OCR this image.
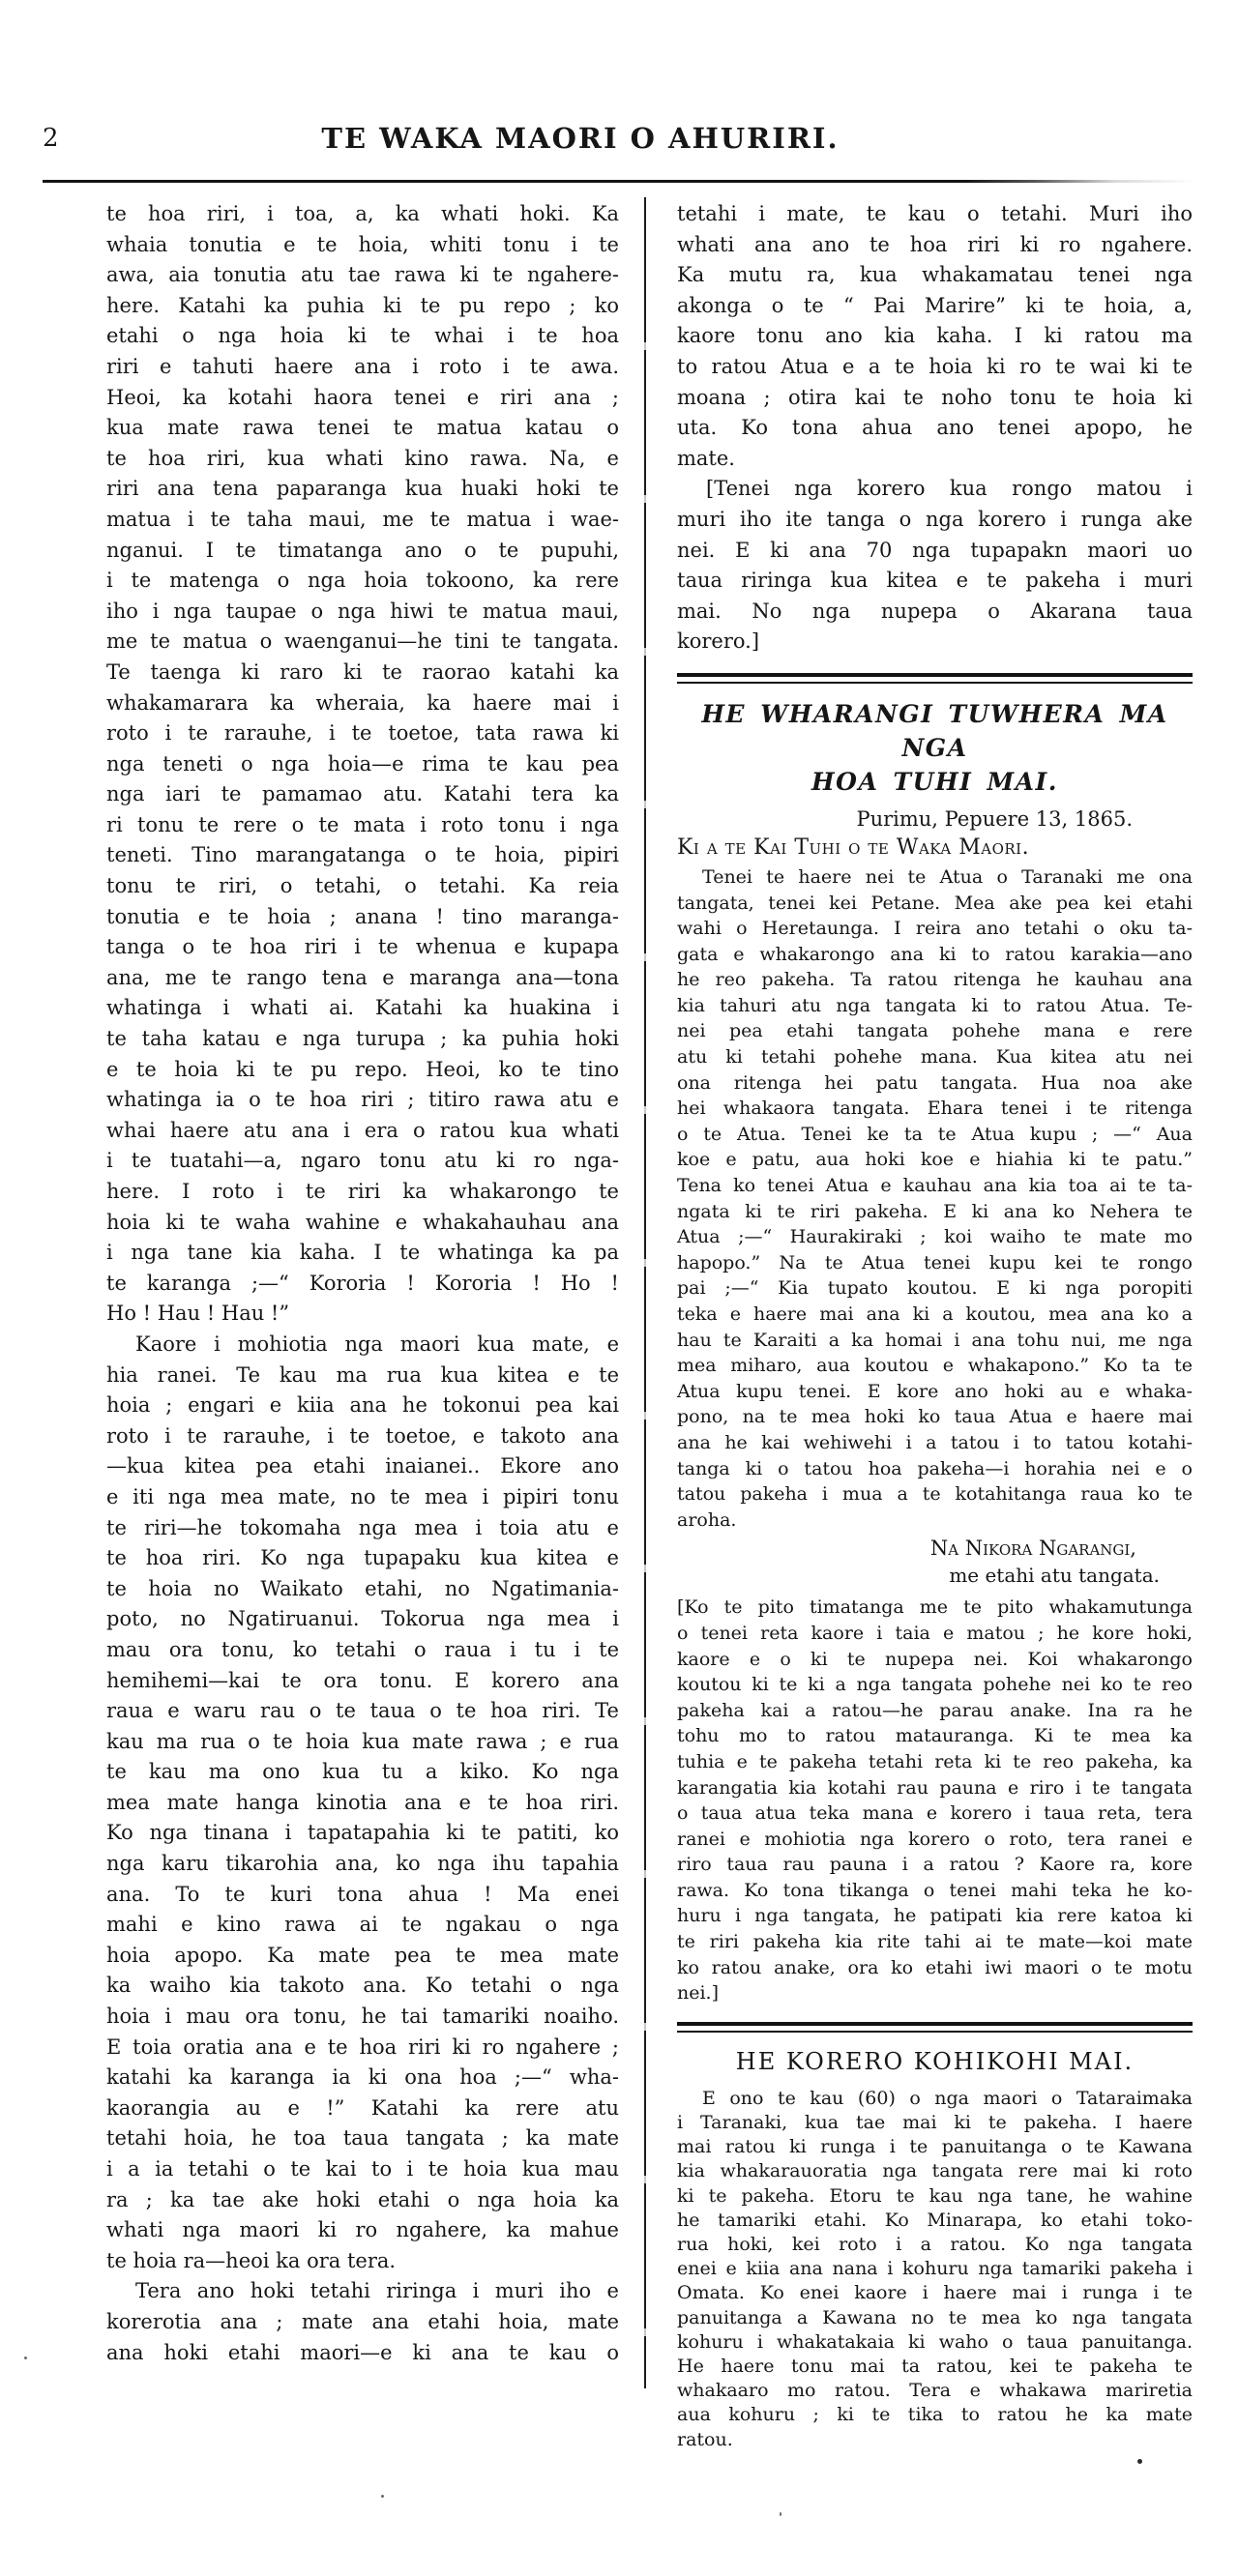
2	TE WAKA MAORI O AHURIRI.
te hoa riri, i toa, a, ka whati hoki. Ka
whaia tonutia e te hoia, whiti tonu i te
awa, aia tonutia atu tae rawa ki te ngahere-
here. Katahi ka puhia ki te pu repo ; ko
etahi o nga hoia ki te whai i te hoa
riri e tahuti haere ana i roto i te awa.
Heoi, ka kotahi haora tenei e riri ana ;
kua mate rawa tenei te matua katau o
te hoa riri, kua whati kino rawa. Na, e
riri ana tena paparanga kua huaki hoki te
matua i te taha maui, me te matua i wae-
nganui. I te timatanga ano o te pupuhi,
i te matenga o nga hoia tokoono, ka rere
iho i nga taupae o nga hiwi te matua maui,
me te matua o waenganui—he tini te tangata.
Te taenga ki raro ki te raorao katahi ka
whakamarara ka wheraia, ka haere mai i
roto i te rarauhe, i te toetoe, tata rawa ki
nga teneti o nga hoia—e rima te kau pea
nga iari te pamamao atu. Katahi tera ka
ri tonu te rere o te mata i roto tonu i nga
teneti. Tino marangatanga o te hoia, pipiri
tonu te riri, o tetahi, o tetahi. Ka reia
tonutia e te hoia ; anana ! tino maranga-
tanga o te hoa riri i te whenua e kupapa
ana, me te rango tena e maranga ana—tona
whatinga i whati ai. Katahi ka huakina i
te taha katau e nga turupa ; ka puhia hoki
e te hoia ki te pu repo. Heoi, ko te tino
whatinga ia o te hoa riri ; titiro rawa atu e
whai haere atu ana i era o ratou kua whati
i te tuatahi—a, ngaro tonu atu ki ro nga-
here. I roto i te riri ka whakarongo te
hoia ki te waha wahine e whakahauhau ana
i nga tane kia kaha. I te whatinga ka pa
te karanga ;—“ Kororia ! Kororia ! Ho !
Ho ! Hau ! Hau !”
Kaore i mohiotia nga maori kua mate, e
hia ranei. Te kau ma rua kua kitea e te
hoia ; engari e kiia ana he tokonui pea kai
roto i te rarauhe, i te toetoe, e takoto ana
—kua kitea pea etahi inaianei.. Ekore ano
e iti nga mea mate, no te mea i pipiri tonu
te riri—he tokomaha nga mea i toia atu e
te hoa riri. Ko nga tupapaku kua kitea e
te hoia no Waikato etahi, no Ngatimania-
poto, no Ngatiruanui. Tokorua nga mea i
mau ora tonu, ko tetahi o raua i tu i te
hemihemi—kai te ora tonu. E korero ana
raua e waru rau o te taua o te hoa riri. Te
kau ma rua o te hoia kua mate rawa ; e rua
te kau ma ono kua tu a kiko. Ko nga
mea mate hanga kinotia ana e te hoa riri.
Ko nga tinana i tapatapahia ki te patiti, ko
nga karu tikarohia ana, ko nga ihu tapahia
ana. To te kuri tona ahua ! Ma enei
mahi e kino rawa ai te ngakau o nga
hoia apopo. Ka mate pea te mea mate
ka waiho kia takoto ana. Ko tetahi o nga
hoia i mau ora tonu, he tai tamariki noaiho.
E toia oratia ana e te hoa riri ki ro ngahere ;
katahi ka karanga ia ki ona hoa ;—“ wha-
kaorangia au e !” Katahi ka rere atu
tetahi hoia, he toa taua tangata ; ka mate
i a ia tetahi o te kai to i te hoia kua mau
ra ; ka tae ake hoki etahi o nga hoia ka
whati nga maori ki ro ngahere, ka mahue
te hoia ra—heoi ka ora tera.
Tera ano hoki tetahi riringa i muri iho e
korerotia ana ; mate ana etahi hoia, mate
ana hoki etahi maori—e ki ana te kau o
tetahi i mate, te kau o tetahi. Muri iho
whati ana ano te hoa riri ki ro ngahere.
Ka mutu ra, kua whakamatau tenei nga
akonga o te “ Pai Marire” ki te hoia, a,
kaore tonu ano kia kaha. I ki ratou ma
to ratou Atua e a te hoia ki ro te wai ki te
moana ; otira kai te noho tonu te hoia ki
uta. Ko tona ahua ano tenei apopo, he
mate.
[Tenei nga korero kua rongo matou i
muri iho ite tanga o nga korero i runga ake
nei. E ki ana 70 nga tupapakn maori uo
taua riringa kua kitea e te pakeha i muri
mai. No nga nupepa o Akarana taua
korero.]
HE WHARANGI TUWHERA MA NGA
HOA TUHI MAI.
Purimu, Pepuere 13, 1865.
Ki a te Kai Tuhi o te Waka Maori.
Tenei te haere nei te Atua o Taranaki me ona
tangata, tenei kei Petane. Mea ake pea kei etahi
wahi o Heretaunga. I reira ano tetahi o oku ta-
gata e whakarongo ana ki to ratou karakia—ano
he reo pakeha. Ta ratou ritenga he kauhau ana
kia tahuri atu nga tangata ki to ratou Atua. Te-
nei pea etahi tangata pohehe mana e rere
atu ki tetahi pohehe mana. Kua kitea atu nei
ona ritenga hei patu tangata. Hua noa ake
hei whakaora tangata. Ehara tenei i te ritenga
o te Atua. Tenei ke ta te Atua kupu ; —“ Aua
koe e patu, aua hoki koe e hiahia ki te patu.”
Tena ko tenei Atua e kauhau ana kia toa ai te ta-
ngata ki te riri pakeha. E ki ana ko Nehera te
Atua ;—“ Haurakiraki ; koi waiho te mate mo
hapopo.” Na te Atua tenei kupu kei te rongo
pai ;—“ Kia tupato koutou. E ki nga poropiti
teka e haere mai ana ki a koutou, mea ana ko a
hau te Karaiti a ka homai i ana tohu nui, me nga
mea miharo, aua koutou e whakapono.” Ko ta te
Atua kupu tenei. E kore ano hoki au e whaka-
pono, na te mea hoki ko taua Atua e haere mai
ana he kai wehiwehi i a tatou i to tatou kotahi-
tanga ki o tatou hoa pakeha—i horahia nei e o
tatou pakeha i mua a te kotahitanga raua ko te
aroha.
Na Nikora Ngarangi,
me etahi atu tangata.
[Ko te pito timatanga me te pito whakamutunga
o tenei reta kaore i taia e matou ; he kore hoki,
kaore e o ki te nupepa nei. Koi whakarongo
koutou ki te ki a nga tangata pohehe nei ko te reo
pakeha kai a ratou—he parau anake. Ina ra he
tohu mo to ratou matauranga. Ki te mea ka
tuhia e te pakeha tetahi reta ki te reo pakeha, ka
karangatia kia kotahi rau pauna e riro i te tangata
o taua atua teka mana e korero i taua reta, tera
ranei e mohiotia nga korero o roto, tera ranei e
riro taua rau pauna i a ratou ? Kaore ra, kore
rawa. Ko tona tikanga o tenei mahi teka he ko-
huru i nga tangata, he patipati kia rere katoa ki
te riri pakeha kia rite tahi ai te mate—koi mate
ko ratou anake, ora ko etahi iwi maori o te motu
nei.]
HE KORERO KOHIKOHI MAI.
E ono te kau (60) o nga maori o Tataraimaka
i Taranaki, kua tae mai ki te pakeha. I haere
mai ratou ki runga i te panuitanga o te Kawana
kia whakarauoratia nga tangata rere mai ki roto
ki te pakeha. Etoru te kau nga tane, he wahine
he tamariki etahi. Ko Minarapa, ko etahi toko-
rua hoki, kei roto i a ratou. Ko nga tangata
enei e kiia ana nana i kohuru nga tamariki pakeha i
Omata. Ko enei kaore i haere mai i runga i te
panuitanga a Kawana no te mea ko nga tangata
kohuru i whakatakaia ki waho o taua panuitanga.
He haere tonu mai ta ratou, kei te pakeha te
whakaaro mo ratou. Tera e whakawa mariretia
aua kohuru ; ki te tika to ratou he ka mate
ratou.
